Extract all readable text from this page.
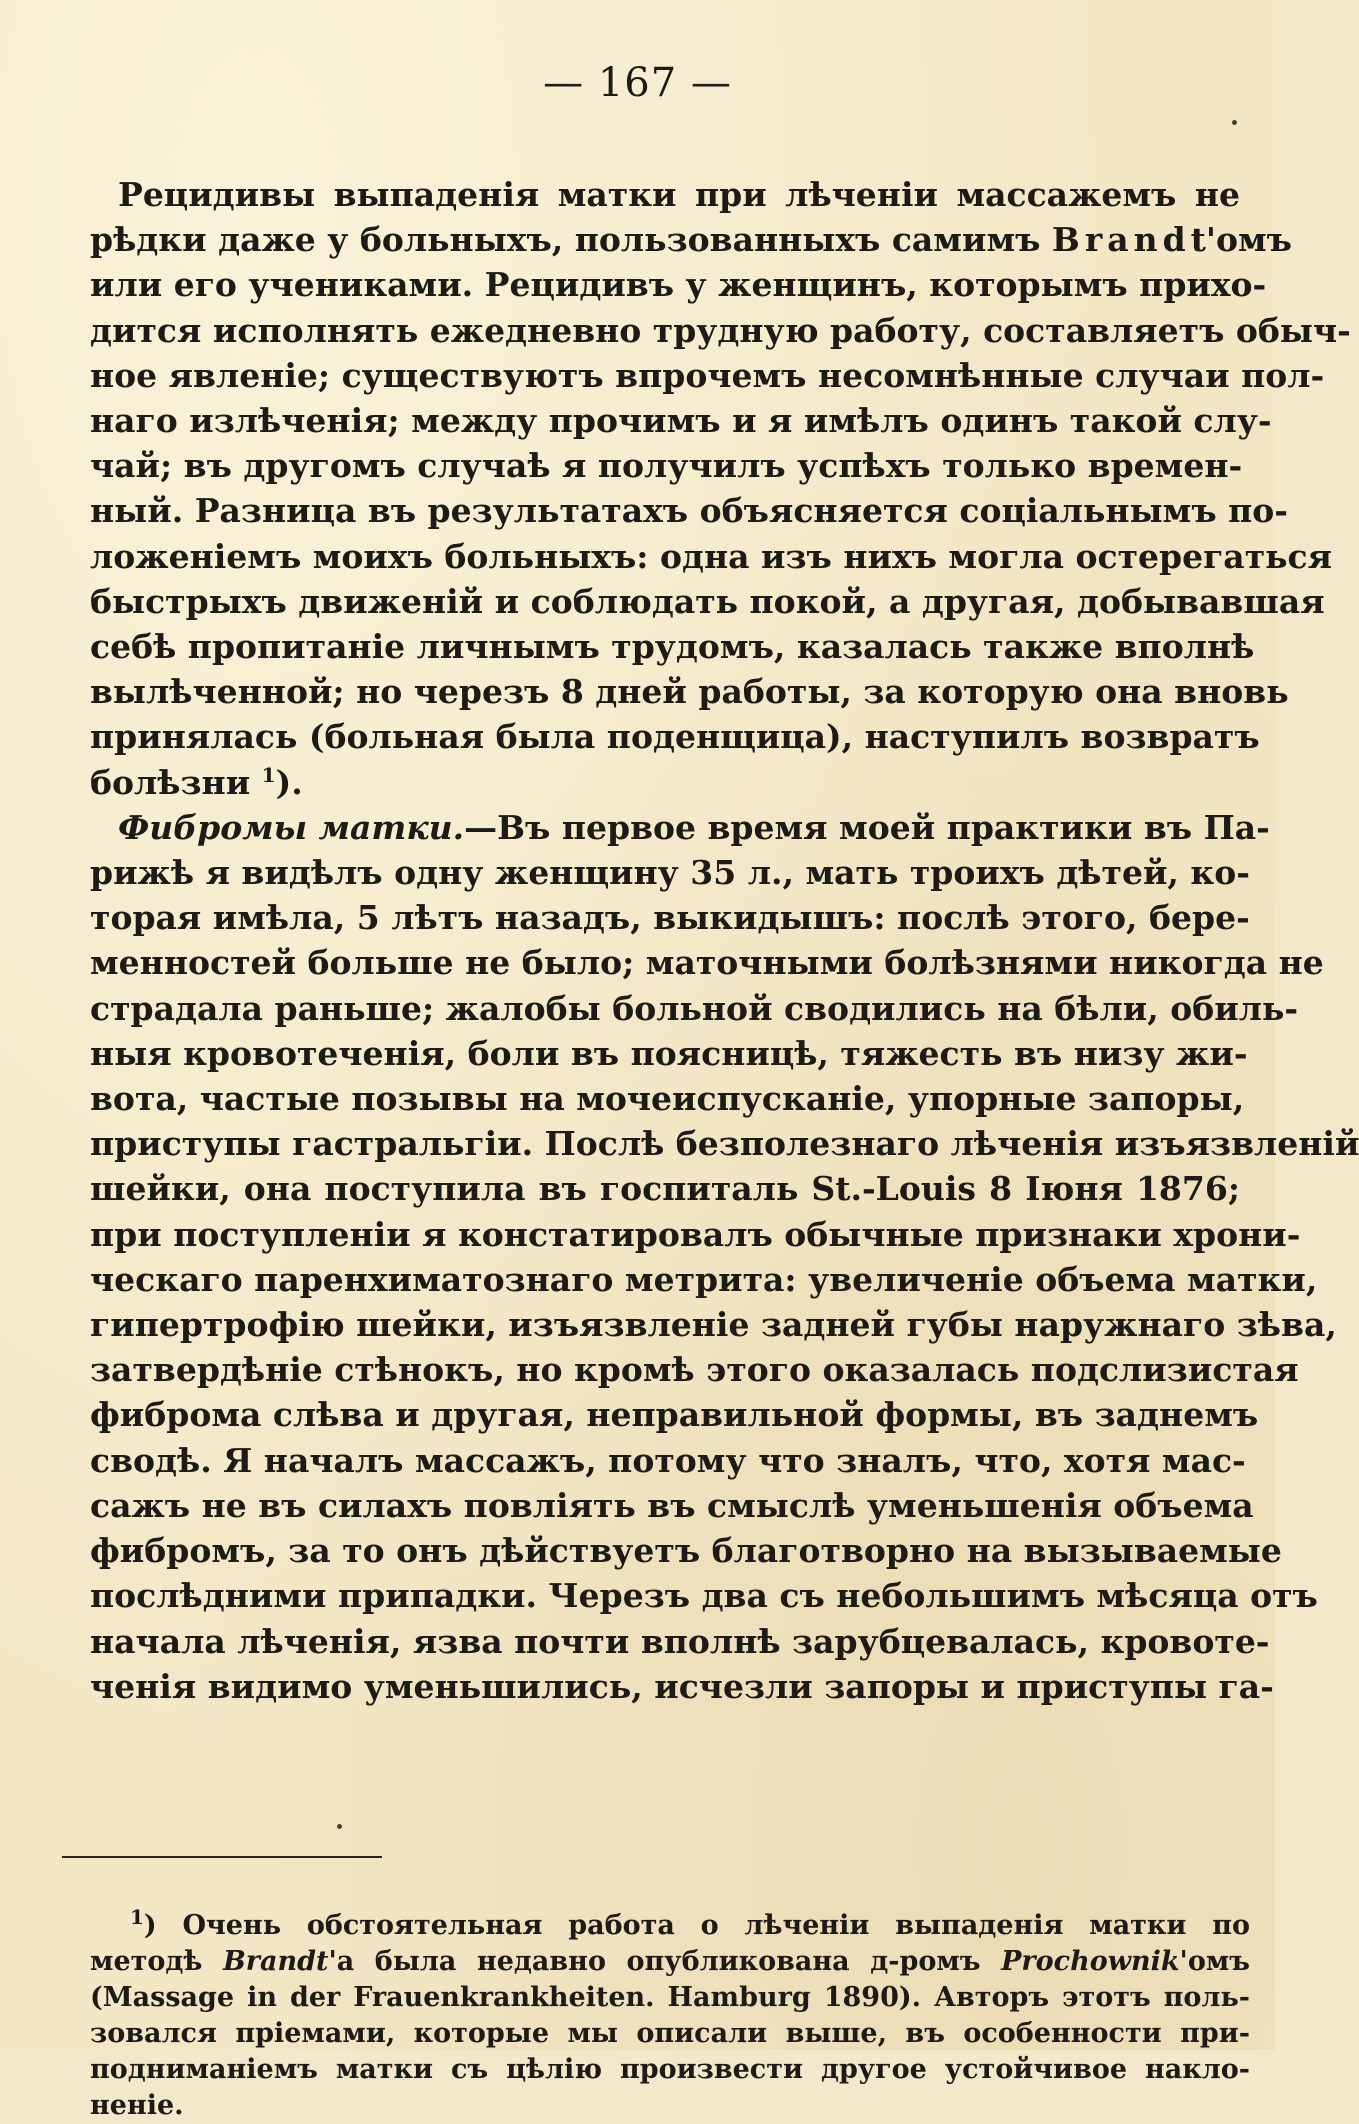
— 167 —
Рецидивы выпаденія матки при лѣченіи массажемъ не
рѣдки даже у больныхъ, пользованныхъ самимъ Brandt'омъ
или его учениками. Рецидивъ у женщинъ, которымъ прихо-
дится исполнять ежедневно трудную работу, составляетъ обыч-
ное явленіе; существуютъ впрочемъ несомнѣнные случаи пол-
наго излѣченія; между прочимъ и я имѣлъ одинъ такой слу-
чай; въ другомъ случаѣ я получилъ успѣхъ только времен-
ный. Разница въ результатахъ объясняется соціальнымъ по-
ложеніемъ моихъ больныхъ: одна изъ нихъ могла остерегаться
быстрыхъ движеній и соблюдать покой, а другая, добывавшая
себѣ пропитаніе личнымъ трудомъ, казалась также вполнѣ
вылѣченной; но черезъ 8 дней работы, за которую она вновь
принялась (больная была поденщица), наступилъ возвратъ
болѣзни $^1$).
Фибромы матки.—Въ первое время моей практики въ Па-
рижѣ я видѣлъ одну женщину 35 л., мать троихъ дѣтей, ко-
торая имѣла, 5 лѣтъ назадъ, выкидышъ: послѣ этого, бере-
менностей больше не было; маточными болѣзнями никогда не
страдала раньше; жалобы больной сводились на бѣли, обиль-
ныя кровотеченія, боли въ поясницѣ, тяжесть въ низу жи-
вота, частые позывы на мочеиспусканіе, упорные запоры,
приступы гастральгіи. Послѣ безполезнаго лѣченія изъязвленій
шейки, она поступила въ госпиталь St.-Louis 8 Іюня 1876;
при поступленіи я констатировалъ обычные признаки хрони-
ческаго паренхиматознаго метрита: увеличеніе объема матки,
гипертрофію шейки, изъязвленіе задней губы наружнаго зѣва,
затвердѣніе стѣнокъ, но кромѣ этого оказалась подслизистая
фиброма слѣва и другая, неправильной формы, въ заднемъ
сводѣ. Я началъ массажъ, потому что зналъ, что, хотя мас-
сажъ не въ силахъ повліять въ смыслѣ уменьшенія объема
фибромъ, за то онъ дѣйствуетъ благотворно на вызываемые
послѣдними припадки. Черезъ два съ небольшимъ мѣсяца отъ
начала лѣченія, язва почти вполнѣ зарубцевалась, кровоте-
ченія видимо уменьшились, исчезли запоры и приступы га-
$^1$) Очень обстоятельная работа о лѣченіи выпаденія матки по
методѣ Brandt'а была недавно опубликована д-ромъ Prochownik'омъ
(Massage in der Frauenkrankheiten. Hamburg 1890). Авторъ этотъ поль-
зовался пріемами, которые мы описали выше, въ особенности при-
подниманіемъ матки съ цѣлію произвести другое устойчивое накло-
неніе.
